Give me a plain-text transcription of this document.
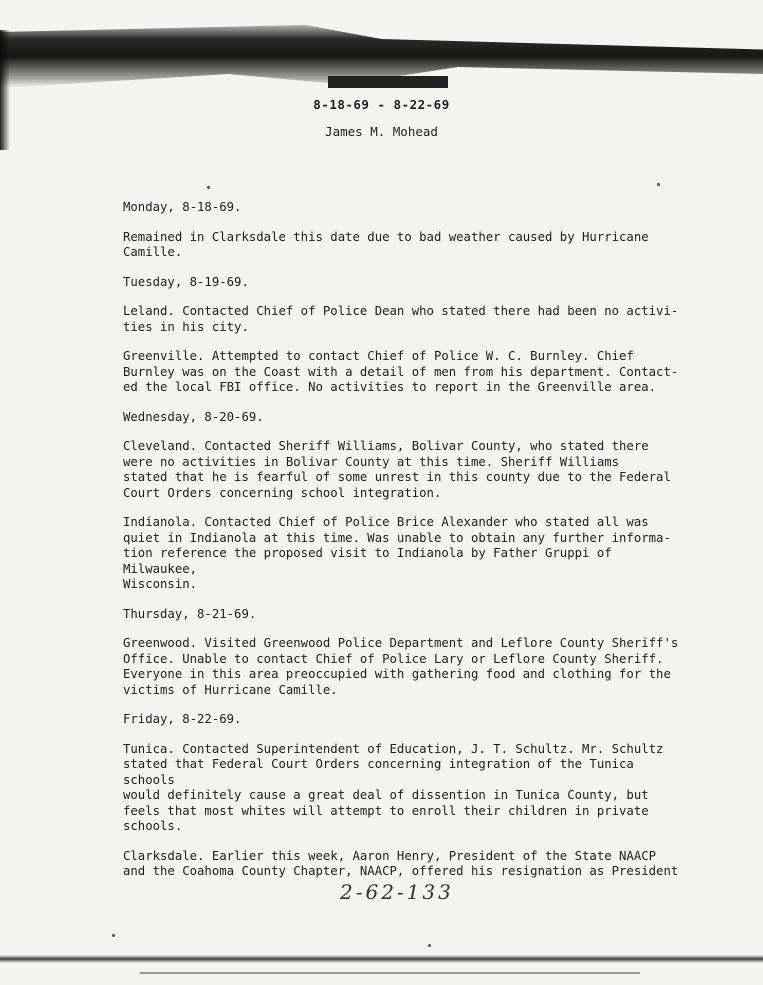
8-18-69 - 8-22-69
James M. Mohead
Monday, 8-18-69.
Remained in Clarksdale this date due to bad weather caused by Hurricane
Camille.
Tuesday, 8-19-69.
Leland. Contacted Chief of Police Dean who stated there had been no activi-
ties in his city.
Greenville. Attempted to contact Chief of Police W. C. Burnley. Chief
Burnley was on the Coast with a detail of men from his department. Contact-
ed the local FBI office. No activities to report in the Greenville area.
Wednesday, 8-20-69.
Cleveland. Contacted Sheriff Williams, Bolivar County, who stated there
were no activities in Bolivar County at this time. Sheriff Williams
stated that he is fearful of some unrest in this county due to the Federal
Court Orders concerning school integration.
Indianola. Contacted Chief of Police Brice Alexander who stated all was
quiet in Indianola at this time. Was unable to obtain any further informa-
tion reference the proposed visit to Indianola by Father Gruppi of Milwaukee,
Wisconsin.
Thursday, 8-21-69.
Greenwood. Visited Greenwood Police Department and Leflore County Sheriff's
Office. Unable to contact Chief of Police Lary or Leflore County Sheriff.
Everyone in this area preoccupied with gathering food and clothing for the
victims of Hurricane Camille.
Friday, 8-22-69.
Tunica. Contacted Superintendent of Education, J. T. Schultz. Mr. Schultz
stated that Federal Court Orders concerning integration of the Tunica schools
would definitely cause a great deal of dissention in Tunica County, but
feels that most whites will attempt to enroll their children in private
schools.
Clarksdale. Earlier this week, Aaron Henry, President of the State NAACP
and the Coahoma County Chapter, NAACP, offered his resignation as President
2-62-133
